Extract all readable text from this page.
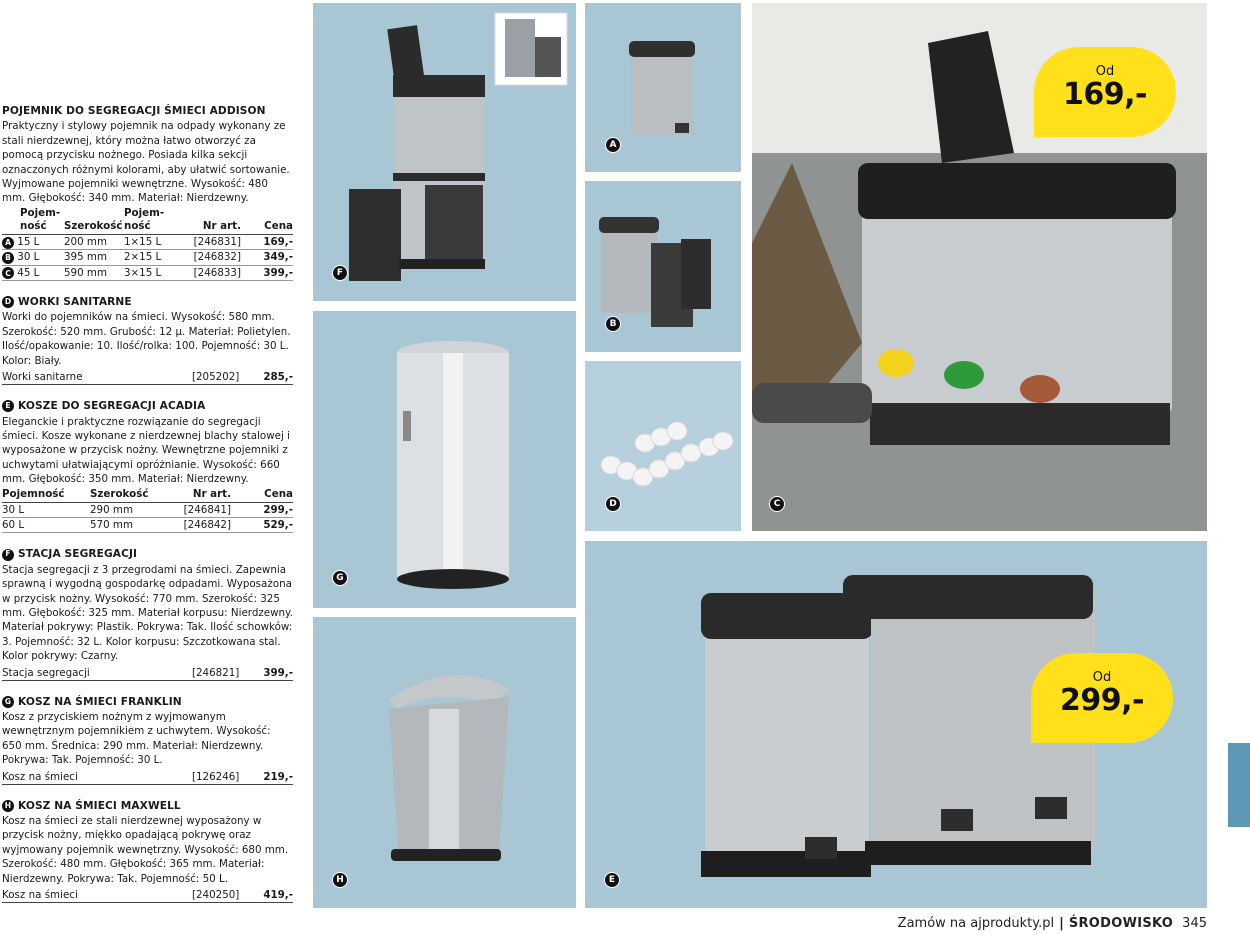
POJEMNIK DO SEGREGACJI ŚMIECI ADDISON
Praktyczny i stylowy pojemnik na odpady wykonany ze stali nierdzewnej, który można łatwo otworzyć za pomocą przycisku nożnego. Posiada kilka sekcji oznaczonych różnymi kolorami, aby ułatwić sortowanie. Wyjmowane pojemniki wewnętrzne. Wysokość: 480 mm. Głębokość: 340 mm. Materiał: Nierdzewny.
Pojem-ność	Szerokość	Pojem-ność	Nr art.	Cena
A 15 L	200 mm	1×15 L	[246831]	169,-
B 30 L	395 mm	2×15 L	[246832]	349,-
C 45 L	590 mm	3×15 L	[246833]	399,-
D WORKI SANITARNE
Worki do pojemników na śmieci. Wysokość: 580 mm. Szerokość: 520 mm. Grubość: 12 µ. Materiał: Polietylen. Ilość/opakowanie: 10. Ilość/rolka: 100. Pojemność: 30 L. Kolor: Biały.
Worki sanitarne	[205202] 285,-
E KOSZE DO SEGREGACJI ACADIA
Eleganckie i praktyczne rozwiązanie do segregacji śmieci. Kosze wykonane z nierdzewnej blachy stalowej i wyposażone w przycisk nożny. Wewnętrzne pojemniki z uchwytami ułatwiającymi opróżnianie. Wysokość: 660 mm. Głębokość: 350 mm. Materiał: Nierdzewny.
Pojemność	Szerokość	Nr art.	Cena
30 L	290 mm	[246841]	299,-
60 L	570 mm	[246842]	529,-
F STACJA SEGREGACJI
Stacja segregacji z 3 przegrodami na śmieci. Zapewnia sprawną i wygodną gospodarkę odpadami. Wyposażona w przycisk nożny. Wysokość: 770 mm. Szerokość: 325 mm. Głębokość: 325 mm. Materiał korpusu: Nierdzewny. Materiał pokrywy: Plastik. Pokrywa: Tak. Ilość schowków: 3. Pojemność: 32 L. Kolor korpusu: Szczotkowana stal. Kolor pokrywy: Czarny.
Stacja segregacji	[246821] 399,-
G KOSZ NA ŚMIECI FRANKLIN
Kosz z przyciskiem nożnym z wyjmowanym wewnętrznym pojemnikiem z uchwytem. Wysokość: 650 mm. Średnica: 290 mm. Materiał: Nierdzewny. Pokrywa: Tak. Pojemność: 30 L.
Kosz na śmieci	[126246] 219,-
H KOSZ NA ŚMIECI MAXWELL
Kosz na śmieci ze stali nierdzewnej wyposażony w przycisk nożny, miękko opadającą pokrywę oraz wyjmowany pojemnik wewnętrzny. Wysokość: 680 mm. Szerokość: 480 mm. Głębokość: 365 mm. Materiał: Nierdzewny. Pokrywa: Tak. Pojemność: 50 L.
Kosz na śmieci	[240250] 419,-
F
A
B
D
Od
169,-
C
G
H
Od
299,-
E
Zamów na ajprodukty.pl | ŚRODOWISKO 345
